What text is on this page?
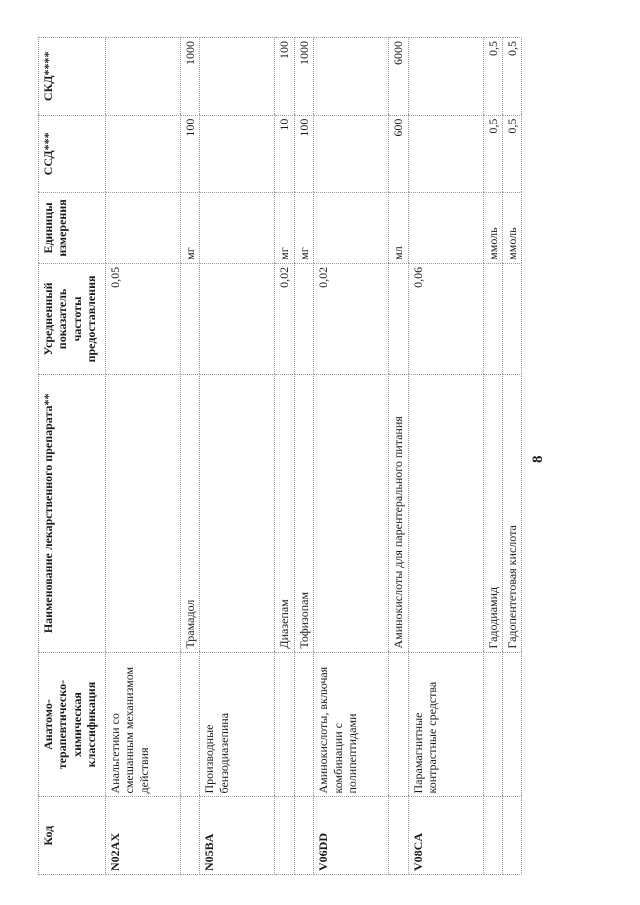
8
Код	Анатомо-терапевтическо-химическая классификация	Наименование лекарственного препарата**	Усредненный показатель частоты предоставления	Единицы измерения	ССД***	СКД****
N02AX	Анальгетики со смешанным механизмом действия		0,05			
		Трамадол		мг	100	1000
N05BA	Производные бензодиазепина					
		Диазепам	0,02	мг	10	100
		Тофизопам		мг	100	1000
V06DD	Аминокислоты, включая комбинации с полипептидами		0,02			
		Аминокислоты для парентерального питания		мл	600	6000
V08CA	Парамагнитные контрастные средства		0,06			
		Гадодиамид		ммоль	0,5	0,5
		Гадопентетовая кислота		ммоль	0,5	0,5
